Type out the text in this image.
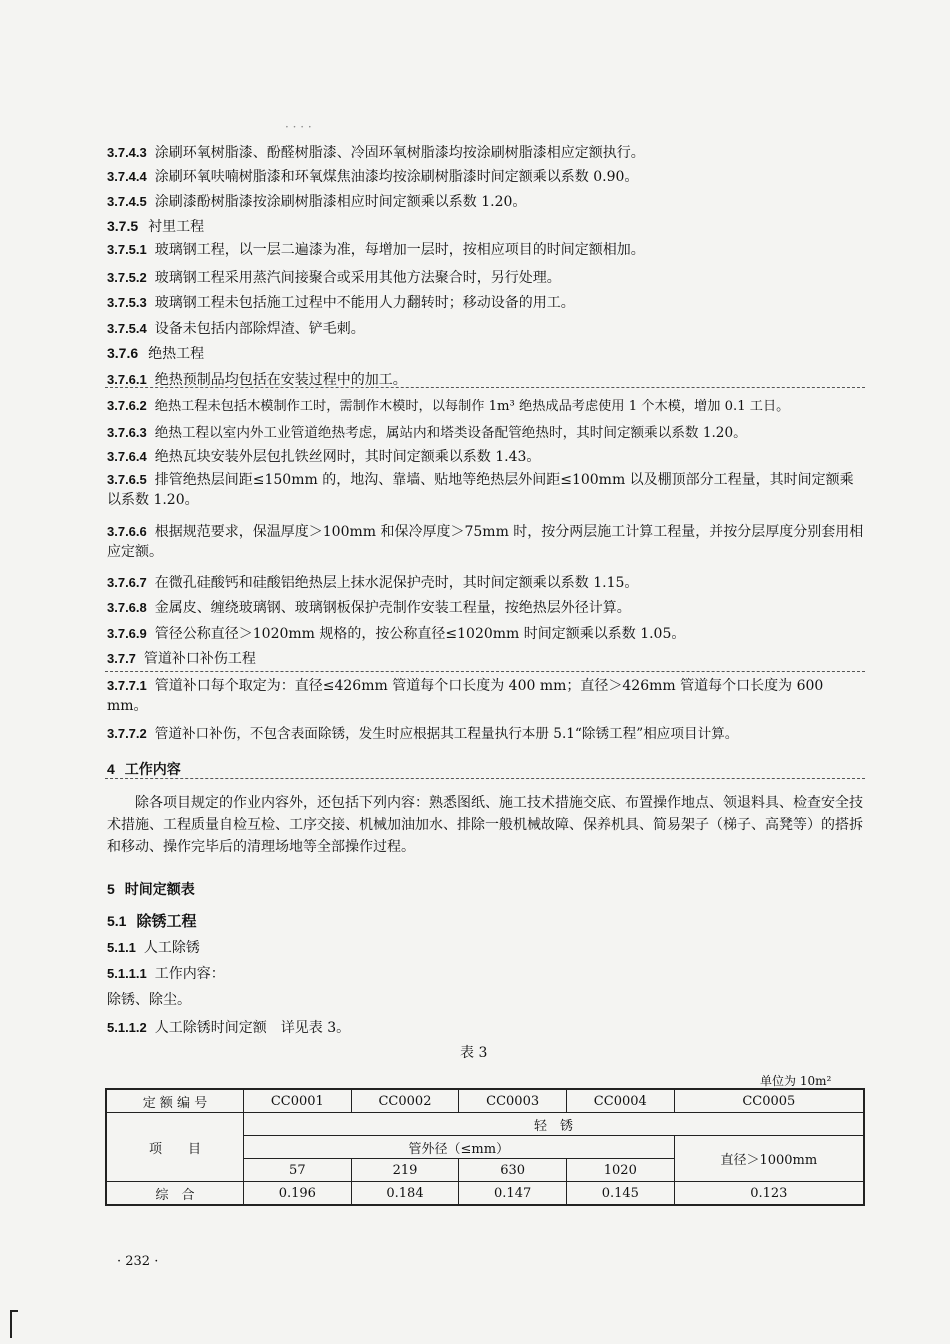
· · · ·
3.7.4.3 涂刷环氧树脂漆、酚醛树脂漆、冷固环氧树脂漆均按涂刷树脂漆相应定额执行。
3.7.4.4 涂刷环氧呋喃树脂漆和环氧煤焦油漆均按涂刷树脂漆时间定额乘以系数 0.90。
3.7.4.5 涂刷漆酚树脂漆按涂刷树脂漆相应时间定额乘以系数 1.20。
3.7.5 衬里工程
3.7.5.1 玻璃钢工程，以一层二遍漆为准，每增加一层时，按相应项目的时间定额相加。
3.7.5.2 玻璃钢工程采用蒸汽间接聚合或采用其他方法聚合时，另行处理。
3.7.5.3 玻璃钢工程未包括施工过程中不能用人力翻转时；移动设备的用工。
3.7.5.4 设备未包括内部除焊渣、铲毛刺。
3.7.6 绝热工程
3.7.6.1 绝热预制品均包括在安装过程中的加工。
3.7.6.2 绝热工程未包括木模制作工时，需制作木模时，以每制作 1m³ 绝热成品考虑使用 1 个木模，增加 0.1 工日。
3.7.6.3 绝热工程以室内外工业管道绝热考虑，属站内和塔类设备配管绝热时，其时间定额乘以系数 1.20。
3.7.6.4 绝热瓦块安装外层包扎铁丝网时，其时间定额乘以系数 1.43。
3.7.6.5 排管绝热层间距≤150mm 的，地沟、靠墙、贴地等绝热层外间距≤100mm 以及棚顶部分工程量，其时间定额乘以系数 1.20。
3.7.6.6 根据规范要求，保温厚度＞100mm 和保冷厚度＞75mm 时，按分两层施工计算工程量，并按分层厚度分别套用相应定额。
3.7.6.7 在微孔硅酸钙和硅酸铝绝热层上抹水泥保护壳时，其时间定额乘以系数 1.15。
3.7.6.8 金属皮、缠绕玻璃钢、玻璃钢板保护壳制作安装工程量，按绝热层外径计算。
3.7.6.9 管径公称直径＞1020mm 规格的，按公称直径≤1020mm 时间定额乘以系数 1.05。
3.7.7 管道补口补伤工程
3.7.7.1 管道补口每个取定为：直径≤426mm 管道每个口长度为 400 mm；直径＞426mm 管道每个口长度为 600 mm。
3.7.7.2 管道补口补伤，不包含表面除锈，发生时应根据其工程量执行本册 5.1“除锈工程”相应项目计算。
4 工作内容
除各项目规定的作业内容外，还包括下列内容：熟悉图纸、施工技术措施交底、布置操作地点、领退料具、检查安全技术措施、工程质量自检互检、工序交接、机械加油加水、排除一般机械故障、保养机具、简易架子（梯子、高凳等）的搭拆和移动、操作完毕后的清理场地等全部操作过程。
5 时间定额表
5.1 除锈工程
5.1.1 人工除锈
5.1.1.1 工作内容：
除锈、除尘。
5.1.1.2 人工除锈时间定额　详见表 3。
表 3
单位为 10m²
定 额 编 号	CC0001	CC0002	CC0003	CC0004	CC0005
项　　目	轻　锈				
	管外径（≤mm）				直径＞1000mm
	57	219	630	1020	
综　合	0.196	0.184	0.147	0.145	0.123
· 232 ·
